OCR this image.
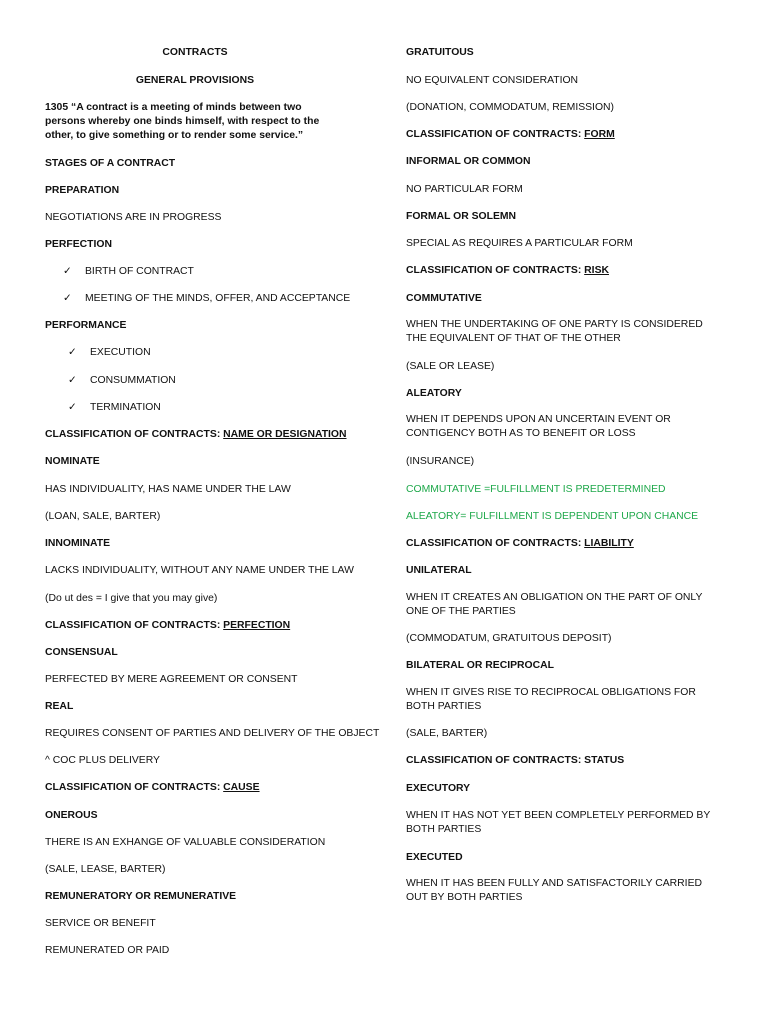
CONTRACTS
GENERAL PROVISIONS
1305 “A contract is a meeting of minds between two persons whereby one binds himself, with respect to the other, to give something or to render some service.”
STAGES OF A CONTRACT
PREPARATION
NEGOTIATIONS ARE IN PROGRESS
PERFECTION
✓ BIRTH OF CONTRACT
✓ MEETING OF THE MINDS, OFFER, AND ACCEPTANCE
PERFORMANCE
✓ EXECUTION
✓ CONSUMMATION
✓ TERMINATION
CLASSIFICATION OF CONTRACTS: NAME OR DESIGNATION
NOMINATE
HAS INDIVIDUALITY, HAS NAME UNDER THE LAW
(LOAN, SALE, BARTER)
INNOMINATE
LACKS INDIVIDUALITY, WITHOUT ANY NAME UNDER THE LAW
(Do ut des = I give that you may give)
CLASSIFICATION OF CONTRACTS: PERFECTION
CONSENSUAL
PERFECTED BY MERE AGREEMENT OR CONSENT
REAL
REQUIRES CONSENT OF PARTIES AND DELIVERY OF THE OBJECT
^ COC PLUS DELIVERY
CLASSIFICATION OF CONTRACTS: CAUSE
ONEROUS
THERE IS AN EXHANGE OF VALUABLE CONSIDERATION
(SALE, LEASE, BARTER)
REMUNERATORY OR REMUNERATIVE
SERVICE OR BENEFIT
REMUNERATED OR PAID
GRATUITOUS
NO EQUIVALENT CONSIDERATION
(DONATION, COMMODATUM, REMISSION)
CLASSIFICATION OF CONTRACTS: FORM
INFORMAL OR COMMON
NO PARTICULAR FORM
FORMAL OR SOLEMN
SPECIAL AS REQUIRES A PARTICULAR FORM
CLASSIFICATION OF CONTRACTS: RISK
COMMUTATIVE
WHEN THE UNDERTAKING OF ONE PARTY IS CONSIDERED THE EQUIVALENT OF THAT OF THE OTHER
(SALE OR LEASE)
ALEATORY
WHEN IT DEPENDS UPON AN UNCERTAIN EVENT OR CONTIGENCY BOTH AS TO BENEFIT OR LOSS
(INSURANCE)
COMMUTATIVE =FULFILLMENT IS PREDETERMINED
ALEATORY= FULFILLMENT IS DEPENDENT UPON CHANCE
CLASSIFICATION OF CONTRACTS: LIABILITY
UNILATERAL
WHEN IT CREATES AN OBLIGATION ON THE PART OF ONLY ONE OF THE PARTIES
(COMMODATUM, GRATUITOUS DEPOSIT)
BILATERAL OR RECIPROCAL
WHEN IT GIVES RISE TO RECIPROCAL OBLIGATIONS FOR BOTH PARTIES
(SALE, BARTER)
CLASSIFICATION OF CONTRACTS: STATUS
EXECUTORY
WHEN IT HAS NOT YET BEEN COMPLETELY PERFORMED BY BOTH PARTIES
EXECUTED
WHEN IT HAS BEEN FULLY AND SATISFACTORILY CARRIED OUT BY BOTH PARTIES
